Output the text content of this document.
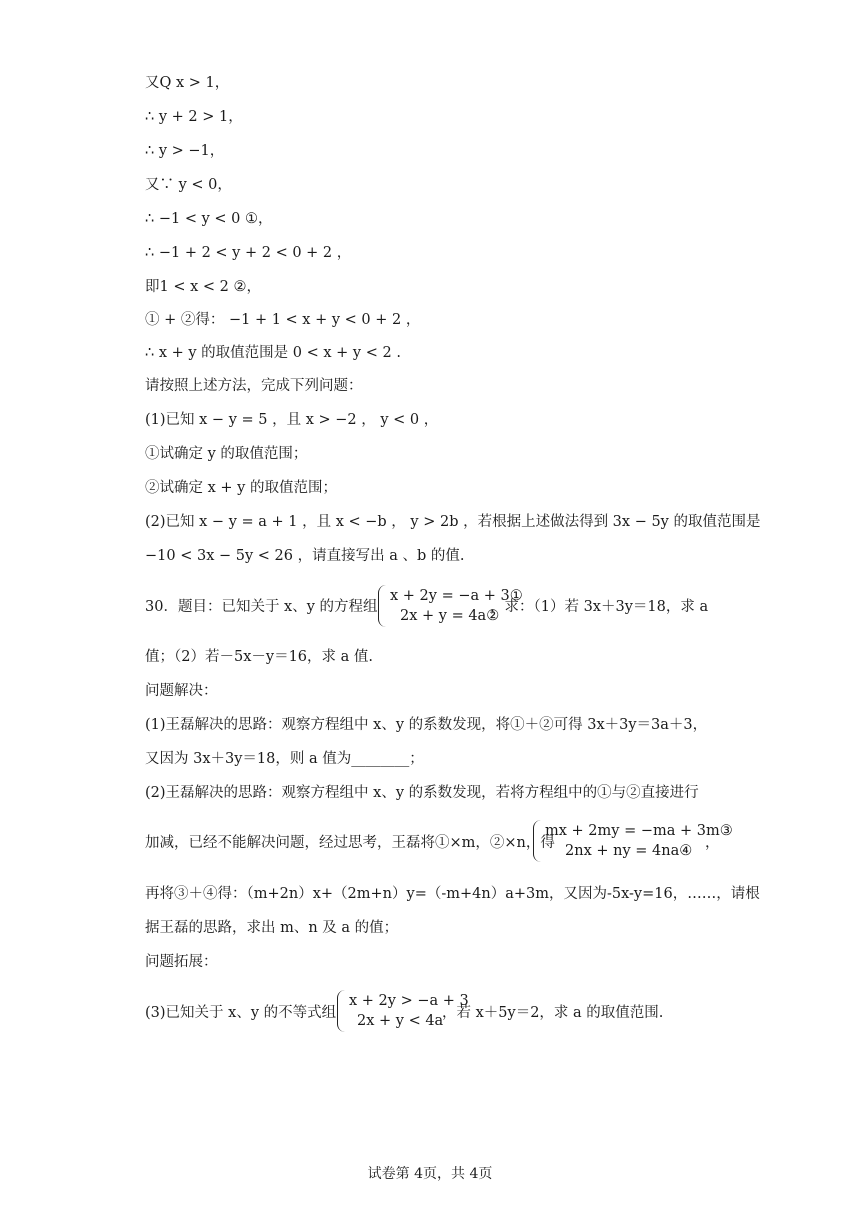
又Q x > 1，
∴ y + 2 > 1，
∴ y > −1，
又∵ y < 0，
∴ −1 < y < 0 ①，
∴ −1 + 2 < y + 2 < 0 + 2 ，
即1 < x < 2 ②，
① + ②得： −1 + 1 < x + y < 0 + 2 ，
∴ x + y 的取值范围是 0 < x + y < 2 .
请按照上述方法，完成下列问题：
(1)已知 x − y = 5 ，且 x > −2 ， y < 0 ，
①试确定 y 的取值范围；
②试确定 x + y 的取值范围；
(2)已知 x − y = a + 1 ，且 x < −b ， y > 2b ，若根据上述做法得到 3x − 5y 的取值范围是
−10 < 3x − 5y < 26 ，请直接写出 a 、b 的值.
30．题目：已知关于 x、y 的方程组
x + 2y = −a + 3①
2x + y = 4a②
，求：（1）若 3x＋3y＝18，求 a
值；（2）若－5x－y＝16，求 a 值.
问题解决：
(1)王磊解决的思路：观察方程组中 x、y 的系数发现，将①＋②可得 3x＋3y＝3a＋3，
又因为 3x＋3y＝18，则 a 值为________；
(2)王磊解决的思路：观察方程组中 x、y 的系数发现，若将方程组中的①与②直接进行
加减，已经不能解决问题，经过思考，王磊将①×m，②×n，得
mx + 2my = −ma + 3m③
2nx + ny = 4na④ ，
再将③＋④得：（m+2n）x+（2m+n）y=（-m+4n）a+3m，又因为-5x-y=16，……，请根
据王磊的思路，求出 m、n 及 a 的值；
问题拓展：
(3)已知关于 x、y 的不等式组
x + 2y > −a + 3
2x + y < 4a
，若 x＋5y＝2，求 a 的取值范围.
试卷第 4页，共 4页
